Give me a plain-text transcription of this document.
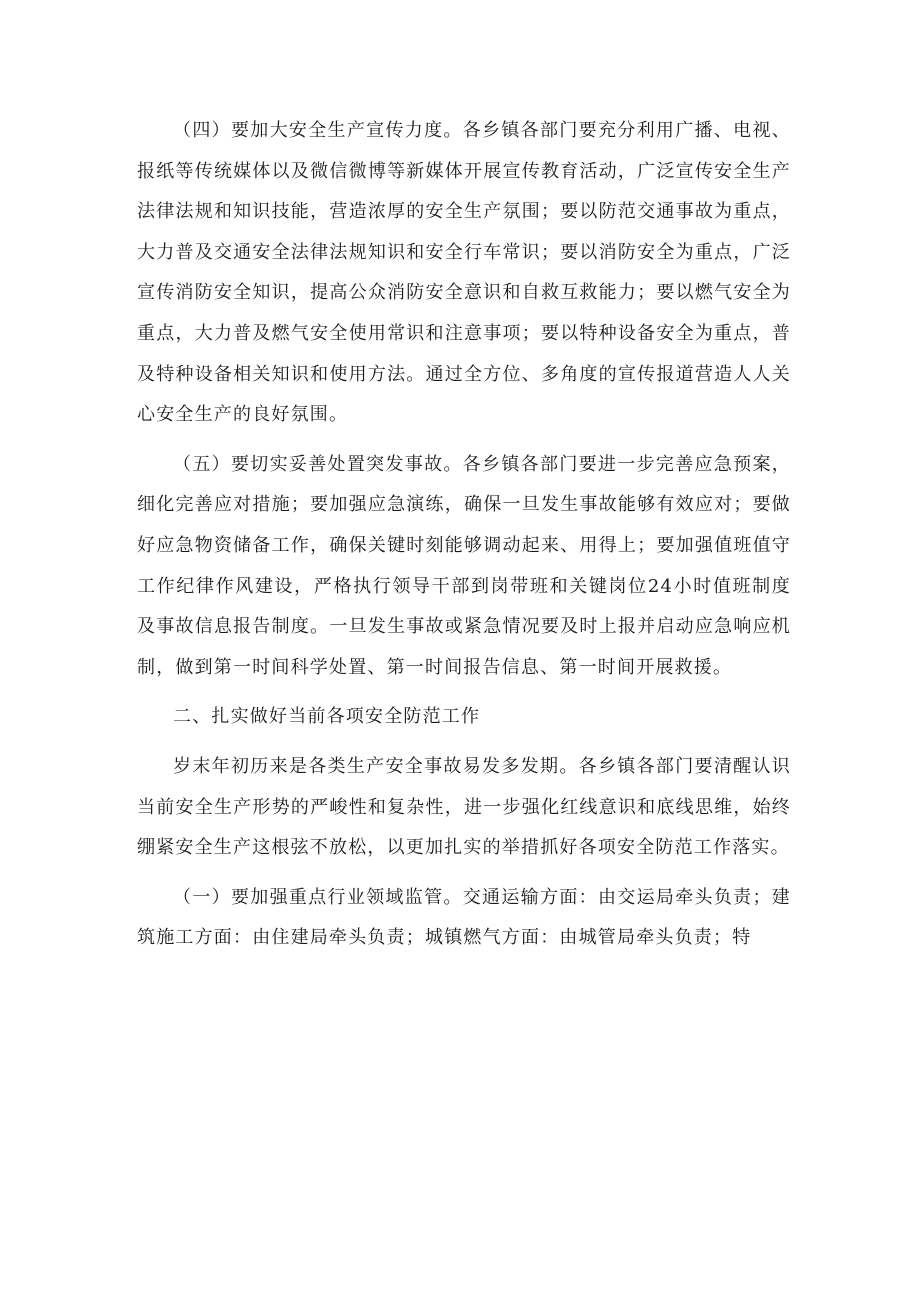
（四）要加大安全生产宣传力度。各乡镇各部门要充分利用广播、电视、报纸等传统媒体以及微信微博等新媒体开展宣传教育活动，广泛宣传安全生产法律法规和知识技能，营造浓厚的安全生产氛围；要以防范交通事故为重点，大力普及交通安全法律法规知识和安全行车常识；要以消防安全为重点，广泛宣传消防安全知识，提高公众消防安全意识和自救互救能力；要以燃气安全为重点，大力普及燃气安全使用常识和注意事项；要以特种设备安全为重点，普及特种设备相关知识和使用方法。通过全方位、多角度的宣传报道营造人人关心安全生产的良好氛围。

（五）要切实妥善处置突发事故。各乡镇各部门要进一步完善应急预案，细化完善应对措施；要加强应急演练，确保一旦发生事故能够有效应对；要做好应急物资储备工作，确保关键时刻能够调动起来、用得上；要加强值班值守工作纪律作风建设，严格执行领导干部到岗带班和关键岗位24小时值班制度及事故信息报告制度。一旦发生事故或紧急情况要及时上报并启动应急响应机制，做到第一时间科学处置、第一时间报告信息、第一时间开展救援。

二、扎实做好当前各项安全防范工作

岁末年初历来是各类生产安全事故易发多发期。各乡镇各部门要清醒认识当前安全生产形势的严峻性和复杂性，进一步强化红线意识和底线思维，始终绷紧安全生产这根弦不放松，以更加扎实的举措抓好各项安全防范工作落实。

（一）要加强重点行业领域监管。交通运输方面：由交运局牵头负责；建筑施工方面：由住建局牵头负责；城镇燃气方面：由城管局牵头负责；特
